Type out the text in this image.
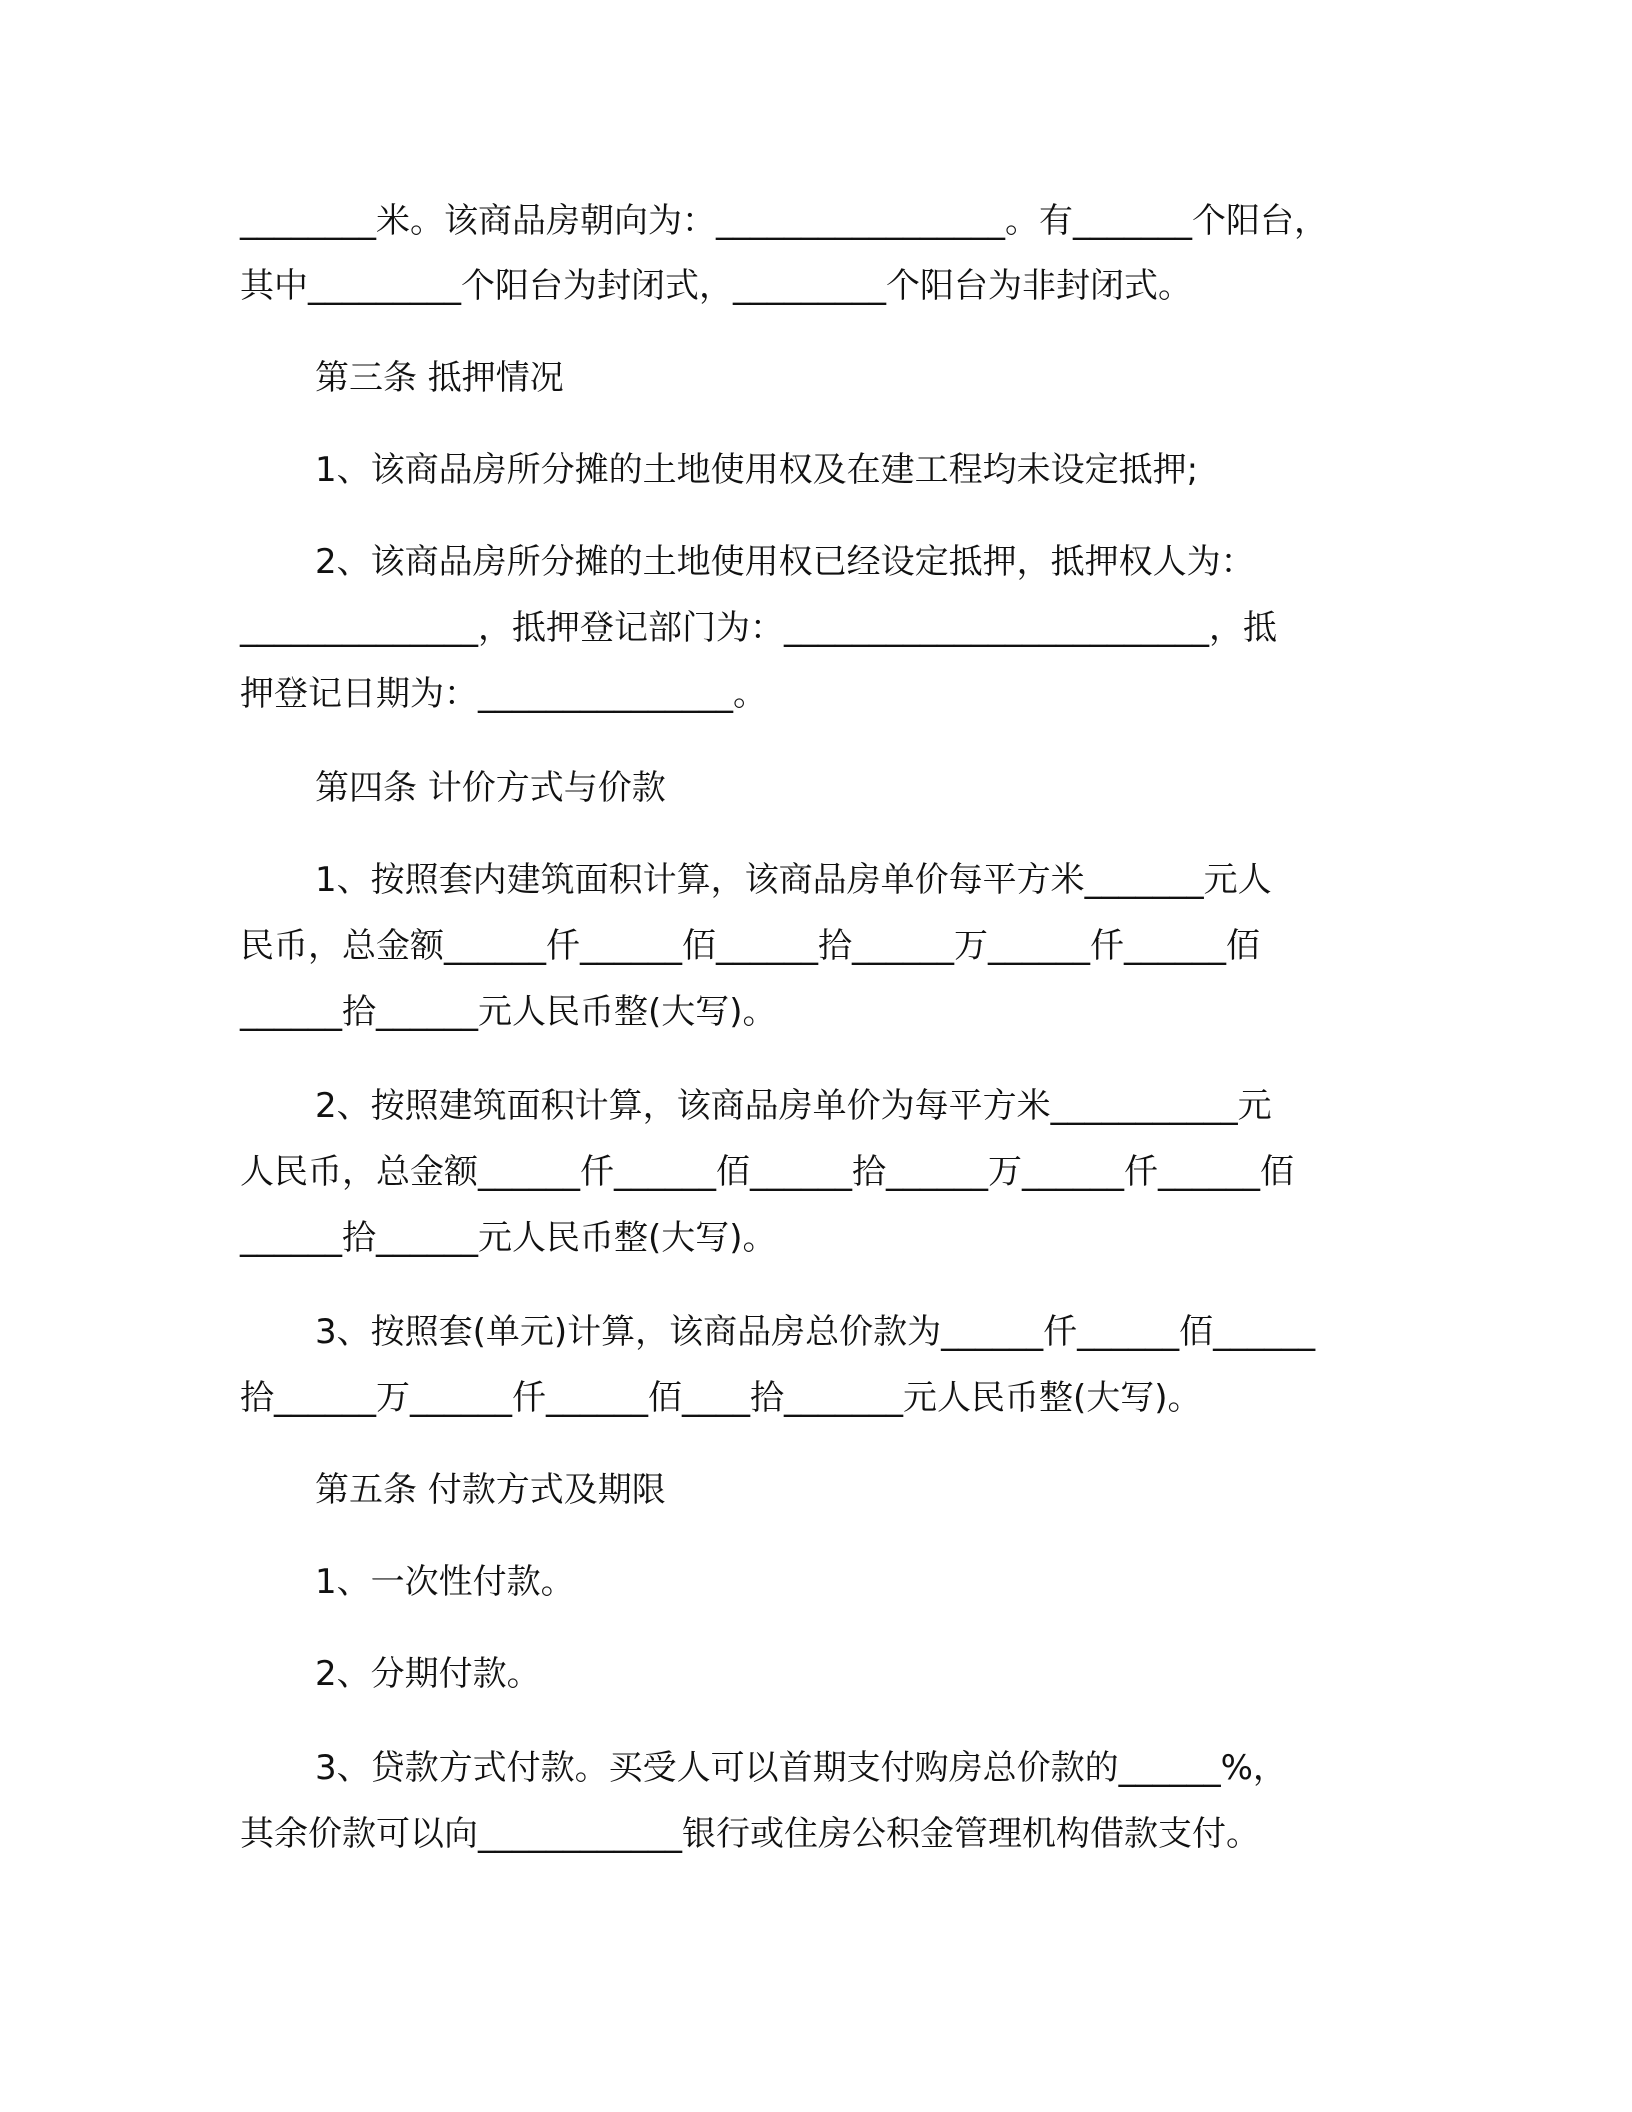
________米。该商品房朝向为：_________________。有_______个阳台，
其中_________个阳台为封闭式，_________个阳台为非封闭式。
第三条 抵押情况
1、该商品房所分摊的土地使用权及在建工程均未设定抵押;
2、该商品房所分摊的土地使用权已经设定抵押，抵押权人为：
______________，抵押登记部门为：_________________________，抵
押登记日期为：_______________。
第四条 计价方式与价款
1、按照套内建筑面积计算，该商品房单价每平方米_______元人
民币，总金额______仟______佰______拾______万______仟______佰
______拾______元人民币整(大写)。
2、按照建筑面积计算，该商品房单价为每平方米___________元
人民币，总金额______仟______佰______拾______万______仟______佰
______拾______元人民币整(大写)。
3、按照套(单元)计算，该商品房总价款为______仟______佰______
拾______万______仟______佰____拾_______元人民币整(大写)。
第五条 付款方式及期限
1、一次性付款。
2、分期付款。
3、贷款方式付款。买受人可以首期支付购房总价款的______%，
其余价款可以向____________银行或住房公积金管理机构借款支付。
